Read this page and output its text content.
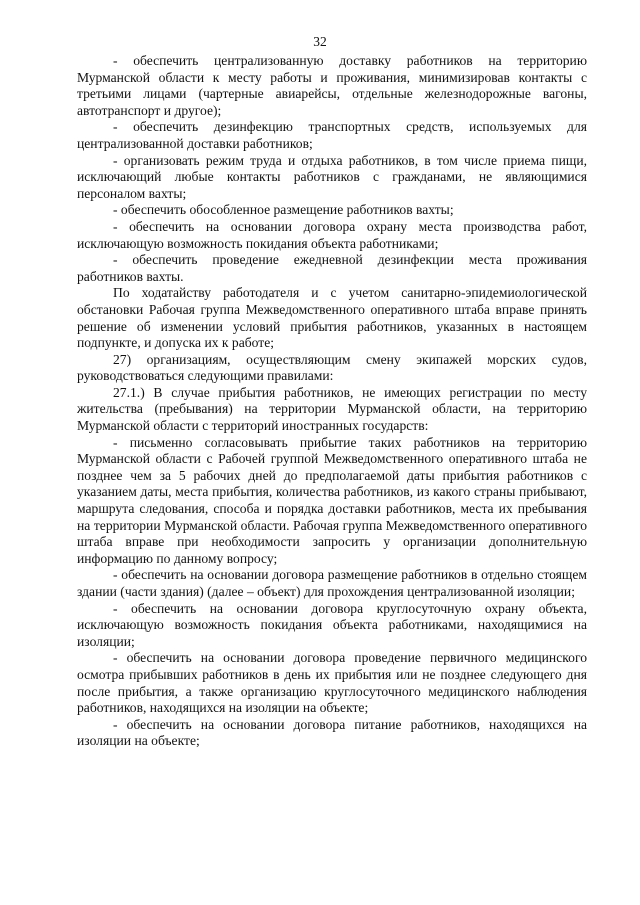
32

- обеспечить централизованную доставку работников на территорию Мурманской области к месту работы и проживания, минимизировав контакты с третьими лицами (чартерные авиарейсы, отдельные железнодорожные вагоны, автотранспорт и другое);

- обеспечить дезинфекцию транспортных средств, используемых для централизованной доставки работников;

- организовать режим труда и отдыха работников, в том числе приема пищи, исключающий любые контакты работников с гражданами, не являющимися персоналом вахты;

- обеспечить обособленное размещение работников вахты;

- обеспечить на основании договора охрану места производства работ, исключающую возможность покидания объекта работниками;

- обеспечить проведение ежедневной дезинфекции места проживания работников вахты.

По ходатайству работодателя и с учетом санитарно-эпидемиологической обстановки Рабочая группа Межведомственного оперативного штаба вправе принять решение об изменении условий прибытия работников, указанных в настоящем подпункте, и допуска их к работе;

27) организациям, осуществляющим смену экипажей морских судов, руководствоваться следующими правилами:

27.1.) В случае прибытия работников, не имеющих регистрации по месту жительства (пребывания) на территории Мурманской области, на территорию Мурманской области с территорий иностранных государств:

- письменно согласовывать прибытие таких работников на территорию Мурманской области с Рабочей группой Межведомственного оперативного штаба не позднее чем за 5 рабочих дней до предполагаемой даты прибытия работников с указанием даты, места прибытия, количества работников, из какого страны прибывают, маршрута следования, способа и порядка доставки работников, места их пребывания на территории Мурманской области. Рабочая группа Межведомственного оперативного штаба вправе при необходимости запросить у организации дополнительную информацию по данному вопросу;

- обеспечить на основании договора размещение работников в отдельно стоящем здании (части здания) (далее – объект) для прохождения централизованной изоляции;

- обеспечить на основании договора круглосуточную охрану объекта, исключающую возможность покидания объекта работниками, находящимися на изоляции;

- обеспечить на основании договора проведение первичного медицинского осмотра прибывших работников в день их прибытия или не позднее следующего дня после прибытия, а также организацию круглосуточного медицинского наблюдения работников, находящихся на изоляции на объекте;

- обеспечить на основании договора питание работников, находящихся на изоляции на объекте;
